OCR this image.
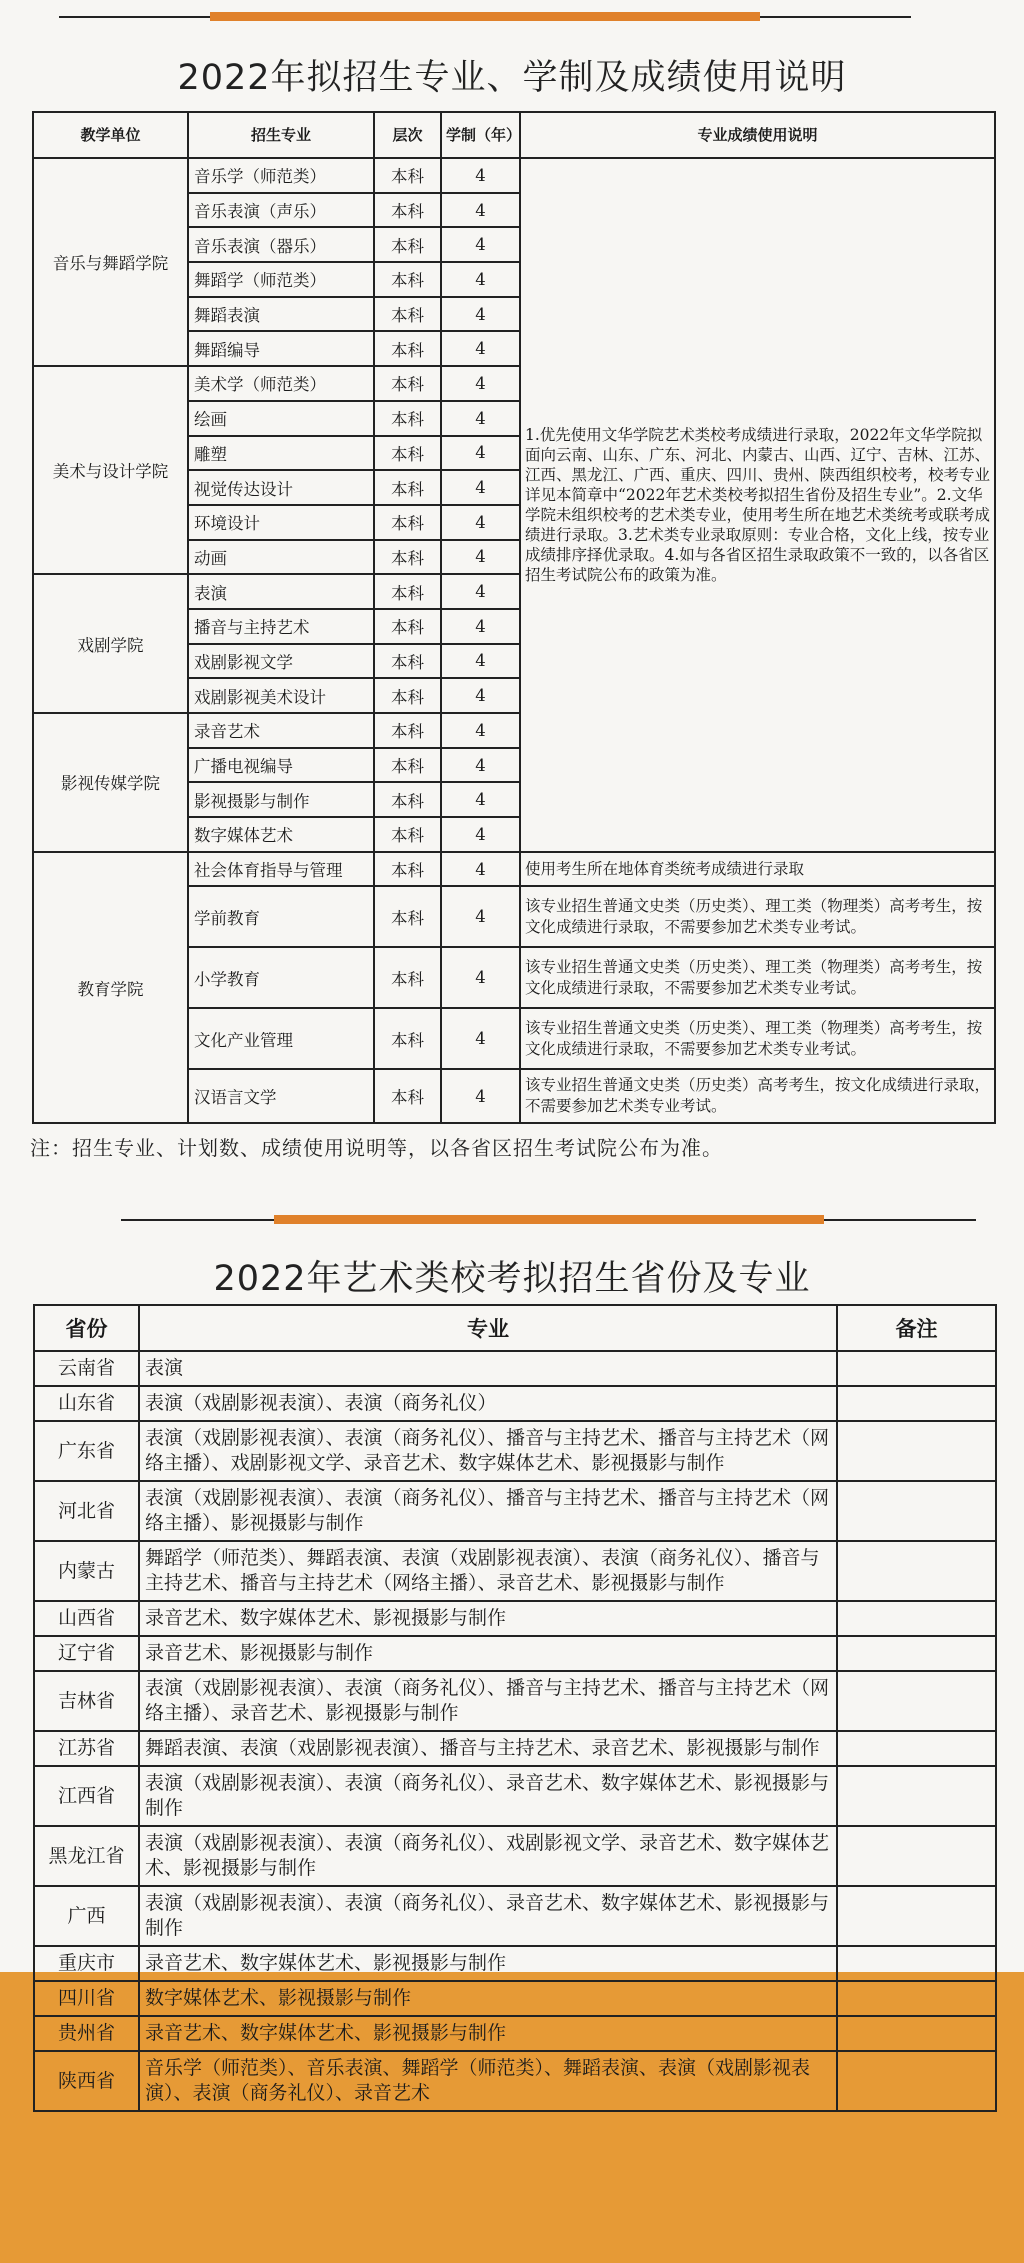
2022年拟招生专业、学制及成绩使用说明
教学单位	招生专业	层次	学制（年）	专业成绩使用说明
音乐与舞蹈学院	音乐学（师范类）	本科	4	1.优先使用文华学院艺术类校考成绩进行录取，2022年文华学院拟面向云南、山东、广东、河北、内蒙古、山西、辽宁、吉林、江苏、江西、黑龙江、广西、重庆、四川、贵州、陕西组织校考，校考专业详见本简章中“2022年艺术类校考拟招生省份及招生专业”。2.文华学院未组织校考的艺术类专业，使用考生所在地艺术类统考或联考成绩进行录取。3.艺术类专业录取原则：专业合格，文化上线，按专业成绩排序择优录取。4.如与各省区招生录取政策不一致的，以各省区招生考试院公布的政策为准。
	音乐表演（声乐）	本科	4	
	音乐表演（器乐）	本科	4	
	舞蹈学（师范类）	本科	4	
	舞蹈表演	本科	4	
	舞蹈编导	本科	4	
美术与设计学院	美术学（师范类）	本科	4	
	绘画	本科	4	
	雕塑	本科	4	
	视觉传达设计	本科	4	
	环境设计	本科	4	
	动画	本科	4	
戏剧学院	表演	本科	4	
	播音与主持艺术	本科	4	
	戏剧影视文学	本科	4	
	戏剧影视美术设计	本科	4	
影视传媒学院	录音艺术	本科	4	
	广播电视编导	本科	4	
	影视摄影与制作	本科	4	
	数字媒体艺术	本科	4	
教育学院	社会体育指导与管理	本科	4	使用考生所在地体育类统考成绩进行录取
	学前教育	本科	4	该专业招生普通文史类（历史类）、理工类（物理类）高考考生，按文化成绩进行录取，不需要参加艺术类专业考试。
	小学教育	本科	4	该专业招生普通文史类（历史类）、理工类（物理类）高考考生，按文化成绩进行录取，不需要参加艺术类专业考试。
	文化产业管理	本科	4	该专业招生普通文史类（历史类）、理工类（物理类）高考考生，按文化成绩进行录取，不需要参加艺术类专业考试。
	汉语言文学	本科	4	该专业招生普通文史类（历史类）高考考生，按文化成绩进行录取，不需要参加艺术类专业考试。
注：招生专业、计划数、成绩使用说明等，以各省区招生考试院公布为准。
2022年艺术类校考拟招生省份及专业
省份	专业	备注
云南省	表演	
山东省	表演（戏剧影视表演）、表演（商务礼仪）	
广东省	表演（戏剧影视表演）、表演（商务礼仪）、播音与主持艺术、播音与主持艺术（网络主播）、戏剧影视文学、录音艺术、数字媒体艺术、影视摄影与制作	
河北省	表演（戏剧影视表演）、表演（商务礼仪）、播音与主持艺术、播音与主持艺术（网络主播）、影视摄影与制作	
内蒙古	舞蹈学（师范类）、舞蹈表演、表演（戏剧影视表演）、表演（商务礼仪）、播音与主持艺术、播音与主持艺术（网络主播）、录音艺术、影视摄影与制作	
山西省	录音艺术、数字媒体艺术、影视摄影与制作	
辽宁省	录音艺术、影视摄影与制作	
吉林省	表演（戏剧影视表演）、表演（商务礼仪）、播音与主持艺术、播音与主持艺术（网络主播）、录音艺术、影视摄影与制作	
江苏省	舞蹈表演、表演（戏剧影视表演）、播音与主持艺术、录音艺术、影视摄影与制作	
江西省	表演（戏剧影视表演）、表演（商务礼仪）、录音艺术、数字媒体艺术、影视摄影与制作	
黑龙江省	表演（戏剧影视表演）、表演（商务礼仪）、戏剧影视文学、录音艺术、数字媒体艺术、影视摄影与制作	
广西	表演（戏剧影视表演）、表演（商务礼仪）、录音艺术、数字媒体艺术、影视摄影与制作	
重庆市	录音艺术、数字媒体艺术、影视摄影与制作	
四川省	数字媒体艺术、影视摄影与制作	
贵州省	录音艺术、数字媒体艺术、影视摄影与制作	
陕西省	音乐学（师范类）、音乐表演、舞蹈学（师范类）、舞蹈表演、表演（戏剧影视表演）、表演（商务礼仪）、录音艺术	
